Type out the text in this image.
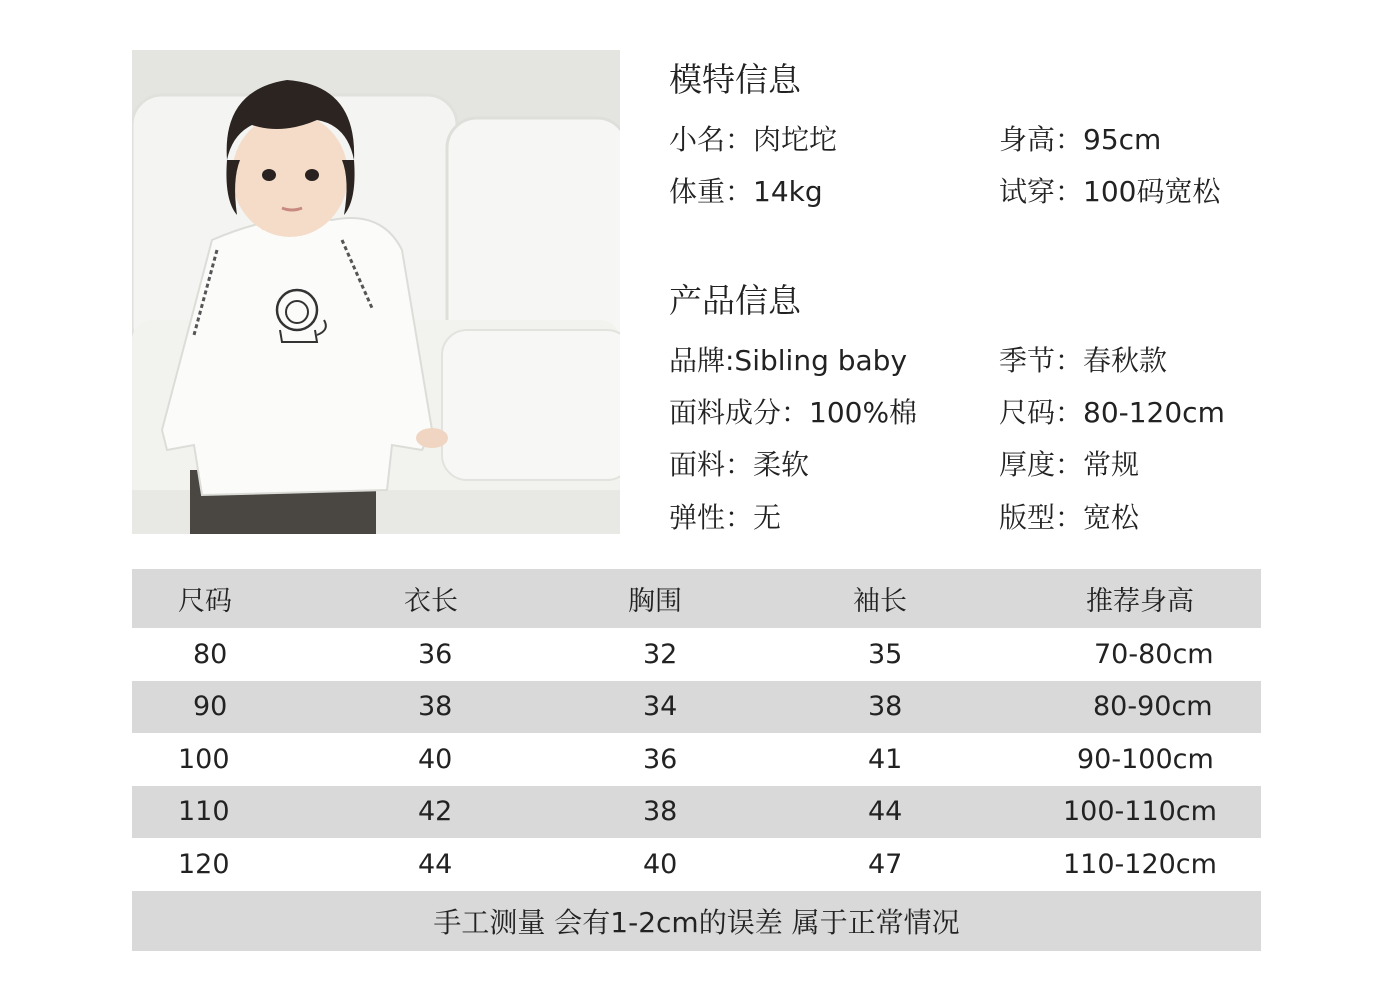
模特信息
小名：肉坨坨	身高：95cm
体重：14kg	试穿：100码宽松
产品信息
品牌:Sibling baby	季节：春秋款
面料成分：100%棉	尺码：80-120cm
面料：柔软	厚度：常规
弹性：无	版型：宽松
尺码	衣长	胸围	袖长	推荐身高
80	36	32	35	70-80cm
90	38	34	38	80-90cm
100	40	36	41	90-100cm
110	42	38	44	100-110cm
120	44	40	47	110-120cm
手工测量 会有1-2cm的误差 属于正常情况
